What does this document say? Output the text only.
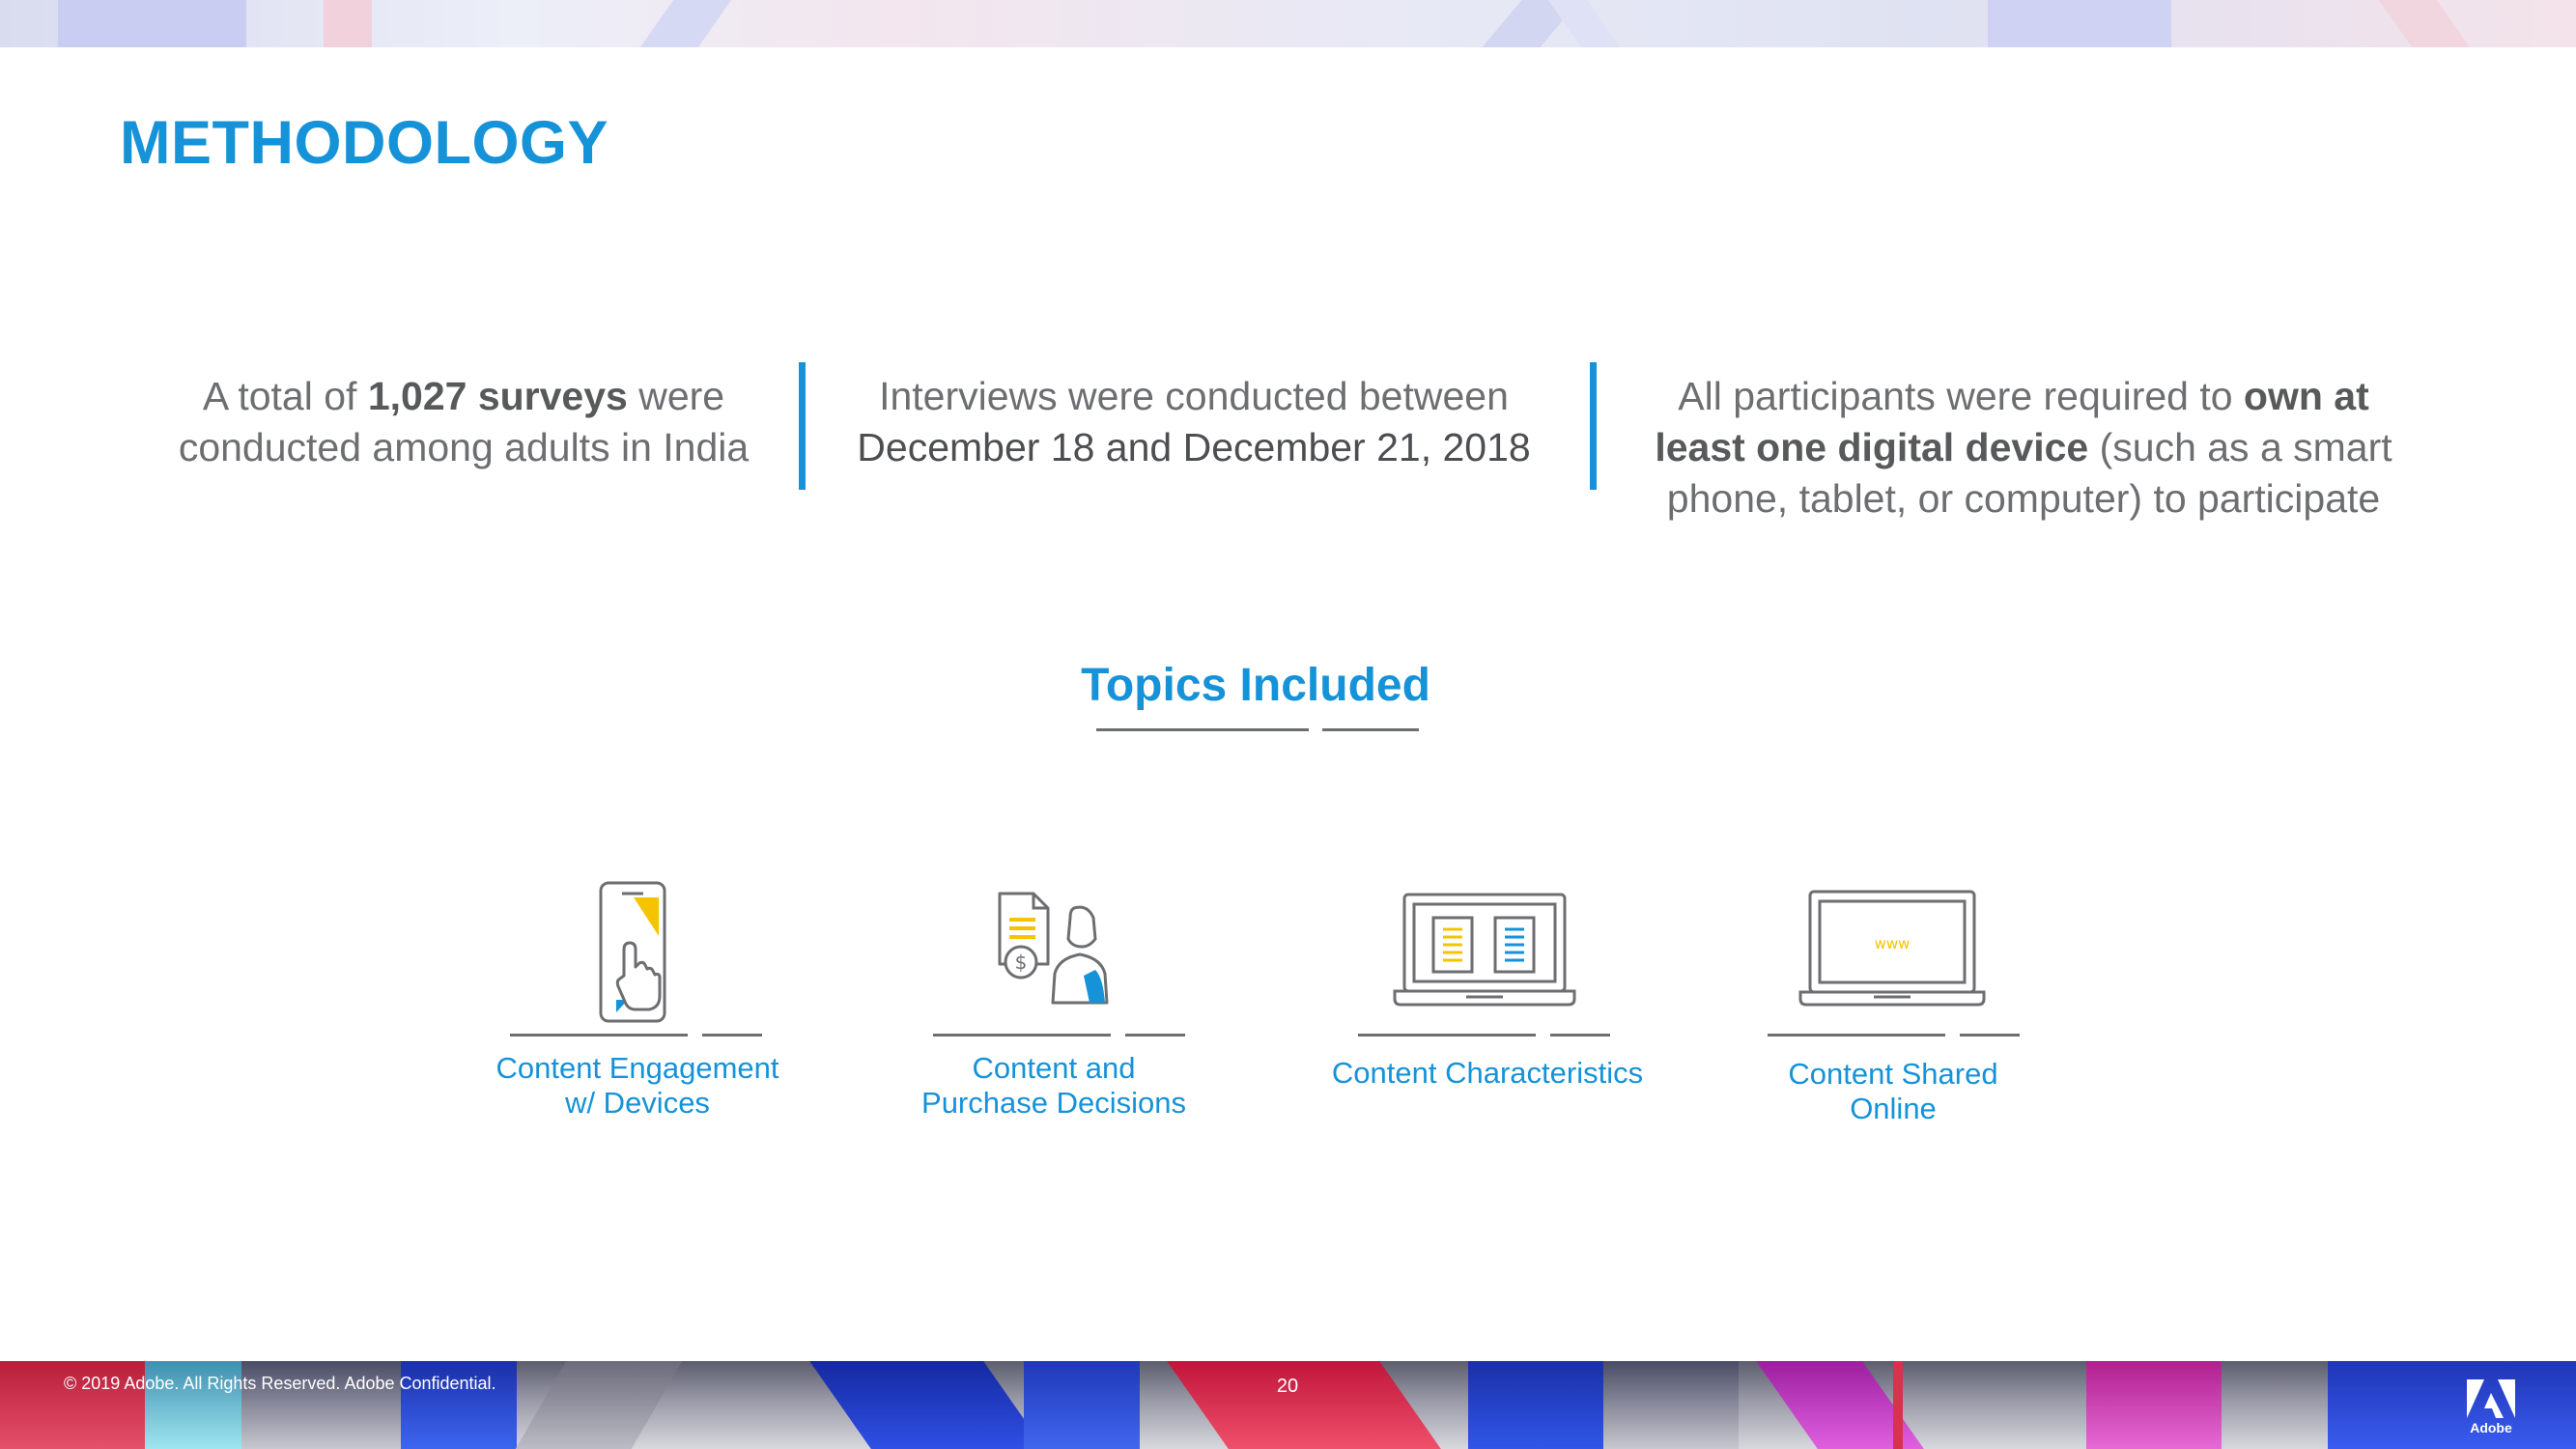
METHODOLOGY
A total of 1,027 surveys were
conducted among adults in India
Interviews were conducted between
December 18 and December 21, 2018
All participants were required to own at
least one digital device (such as a smart
phone, tablet, or computer) to participate
Topics Included
Content Engagement
w/ Devices
$
Content and
Purchase Decisions
Content Characteristics
www
Content Shared
Online
© 2019 Adobe. All Rights Reserved. Adobe Confidential.	20
Adobe
